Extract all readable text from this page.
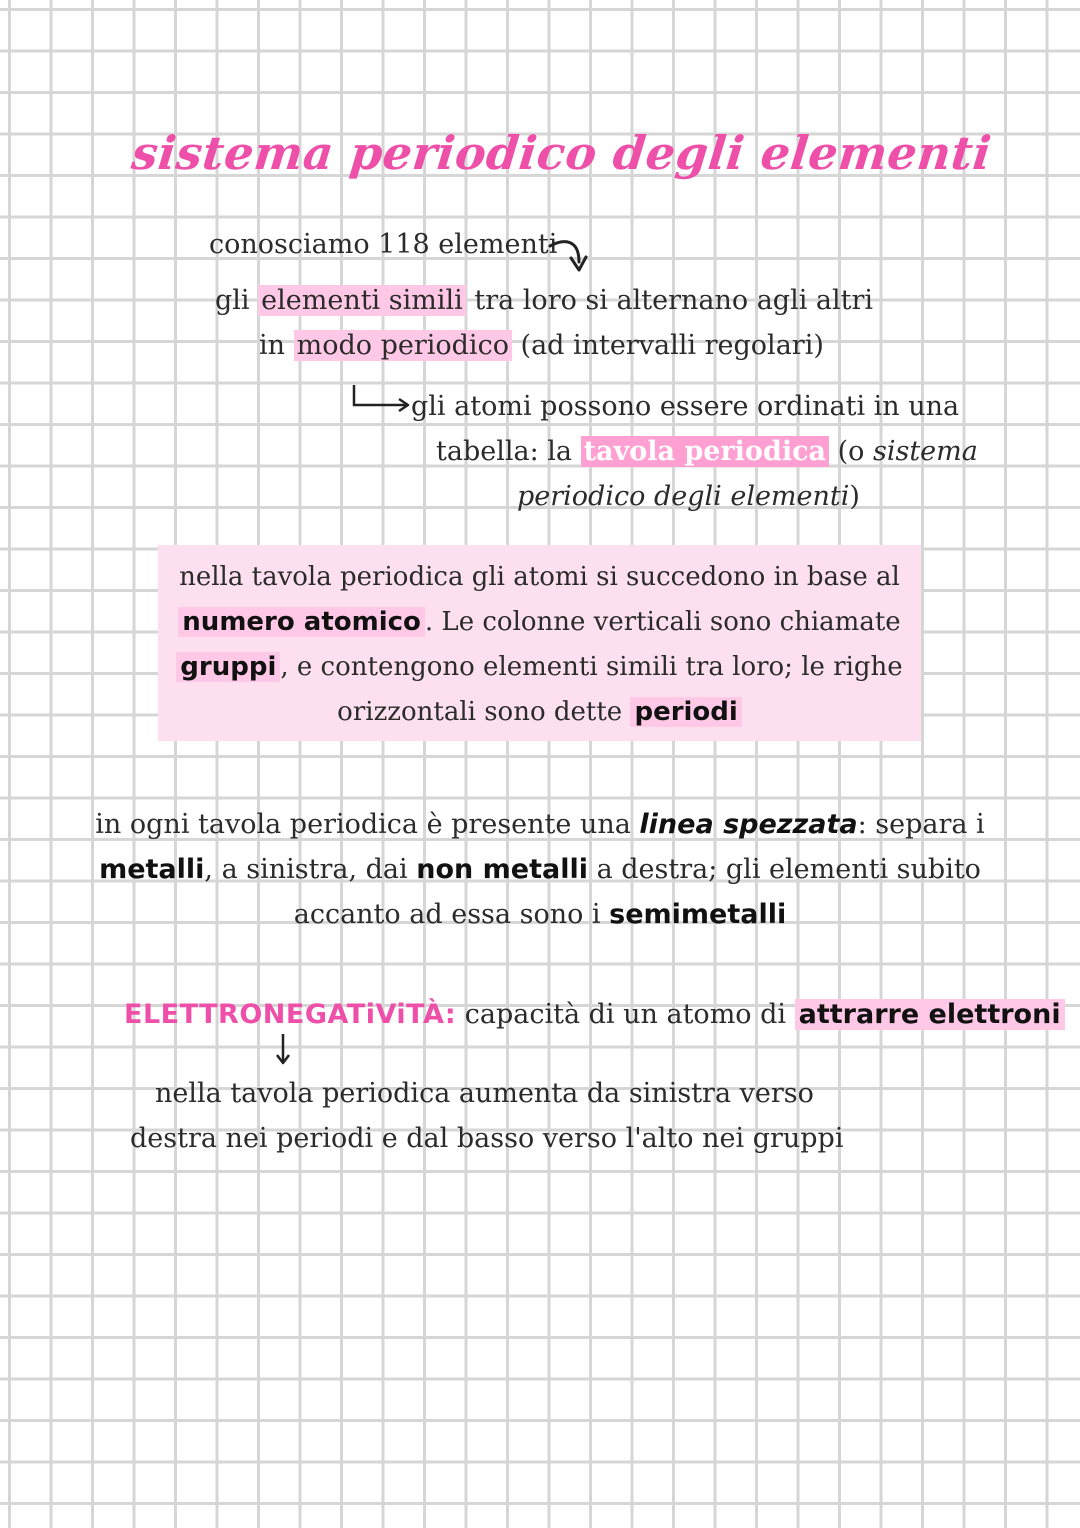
sistema periodico degli elementi
conosciamo 118 elementi
gli elementi simili tra loro si alternano agli altri
in modo periodico (ad intervalli regolari)
gli atomi possono essere ordinati in una
tabella: la tavola periodica (o sistema
periodico degli elementi)
nella tavola periodica gli atomi si succedono in base al
numero atomico . Le colonne verticali sono chiamate
gruppi , e contengono elementi simili tra loro; le righe
orizzontali sono dette periodi
in ogni tavola periodica è presente una linea spezzata: separa i
metalli, a sinistra, dai non metalli a destra; gli elementi subito
accanto ad essa sono i semimetalli
ELETTRONEGATiViTÀ: capacità di un atomo di attrarre elettroni
nella tavola periodica aumenta da sinistra verso
destra nei periodi e dal basso verso l'alto nei gruppi
